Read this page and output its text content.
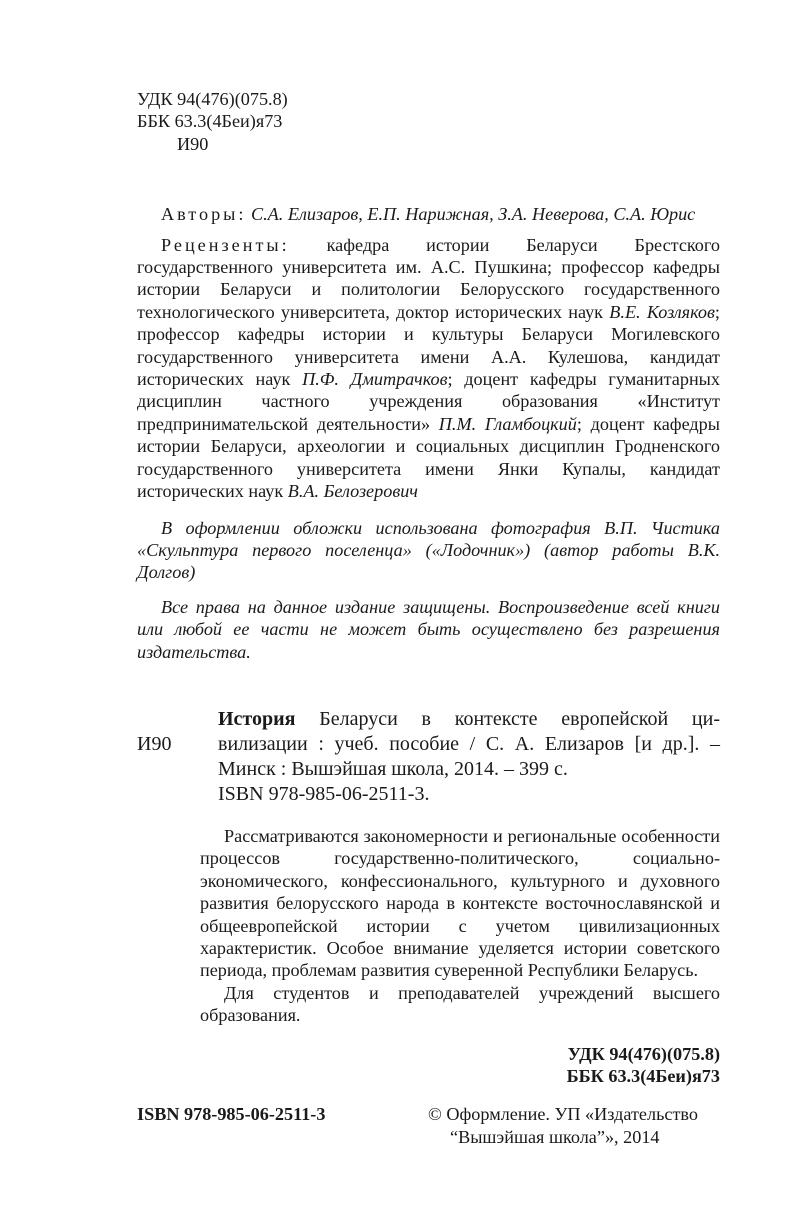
УДК 94(476)(075.8)
ББК 63.3(4Беи)я73
И90
Авторы: С.А. Елизаров, Е.П. Нарижная, З.А. Неверова, С.А. Юрис
Рецензенты: кафедра истории Беларуси Брестского государственного университета им. А.С. Пушкина; профессор кафедры истории Беларуси и политологии Белорусского государственного технологического университета, доктор исторических наук В.Е. Козляков; профессор кафедры истории и культуры Беларуси Могилевского государственного университета имени А.А. Кулешова, кандидат исторических наук П.Ф. Дмитрачков; доцент кафедры гуманитарных дисциплин частного учреждения образования «Институт предпринимательской деятельности» П.М. Гламбоцкий; доцент кафедры истории Беларуси, археологии и социальных дисциплин Гродненского государственного университета имени Янки Купалы, кандидат исторических наук В.А. Белозерович
В оформлении обложки использована фотография В.П. Чистика «Скульптура первого поселенца» («Лодочник») (автор работы В.К. Долгов)
Все права на данное издание защищены. Воспроизведение всей книги или любой ее части не может быть осуществлено без разрешения издательства.
И90
История Беларуси в контексте европейской ци-
вилизации : учеб. пособие / С. А. Елизаров [и др.]. –
Минск : Вышэйшая школа, 2014. – 399 с.
ISBN 978-985-06-2511-3.
Рассматриваются закономерности и региональные особенности процессов государственно-политического, социально-экономического, конфессионального, культурного и духовного развития белорусского народа в контексте восточнославянской и общеевропейской истории с учетом цивилизационных характеристик. Особое внимание уделяется истории советского периода, проблемам развития суверенной Республики Беларусь.
Для студентов и преподавателей учреждений высшего образования.
УДК 94(476)(075.8)
ББК 63.3(4Беи)я73
ISBN 978-985-06-2511-3	© Оформление. УП «Издательство
“Вышэйшая школа”», 2014
